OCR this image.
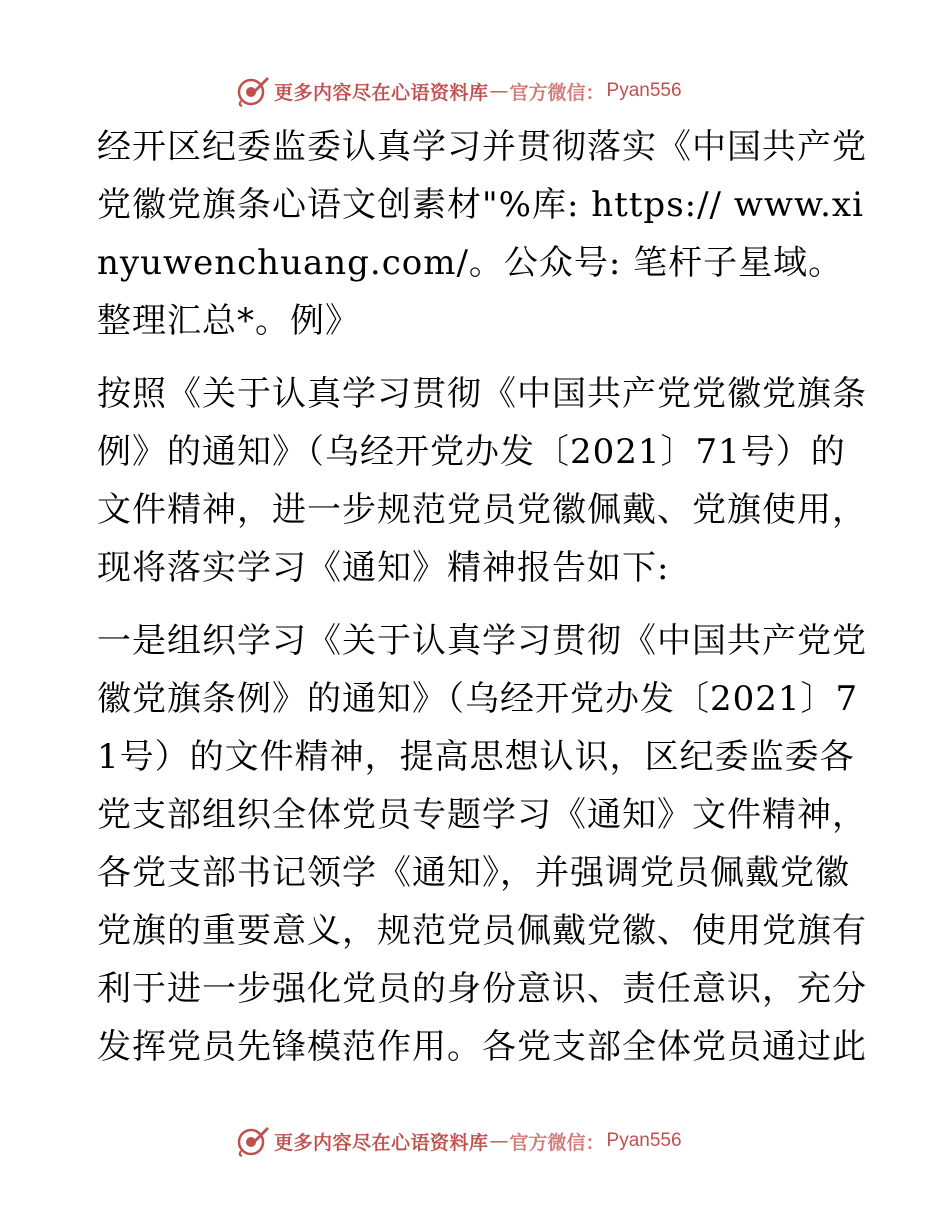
更多内容尽在心语资料库 — 官方微信： Pyan556

经开区纪委监委认真学习并贯彻落实《中国共产党党徽党旗条心语文创素材"%库: https:// www.xinyuwenchuang.com/。公众号: 笔杆子星域。整理汇总*。例》

按照《关于认真学习贯彻《中国共产党党徽党旗条例》的通知》（乌经开党办发〔2021〕71号）的文件精神，进一步规范党员党徽佩戴、党旗使用，现将落实学习《通知》精神报告如下:

一是组织学习《关于认真学习贯彻《中国共产党党徽党旗条例》的通知》（乌经开党办发〔2021〕71号）的文件精神，提高思想认识，区纪委监委各党支部组织全体党员专题学习《通知》文件精神，各党支部书记领学《通知》，并强调党员佩戴党徽党旗的重要意义，规范党员佩戴党徽、使用党旗有利于进一步强化党员的身份意识、责任意识，充分发挥党员先锋模范作用。各党支部全体党员通过此

更多内容尽在心语资料库 — 官方微信： Pyan556
